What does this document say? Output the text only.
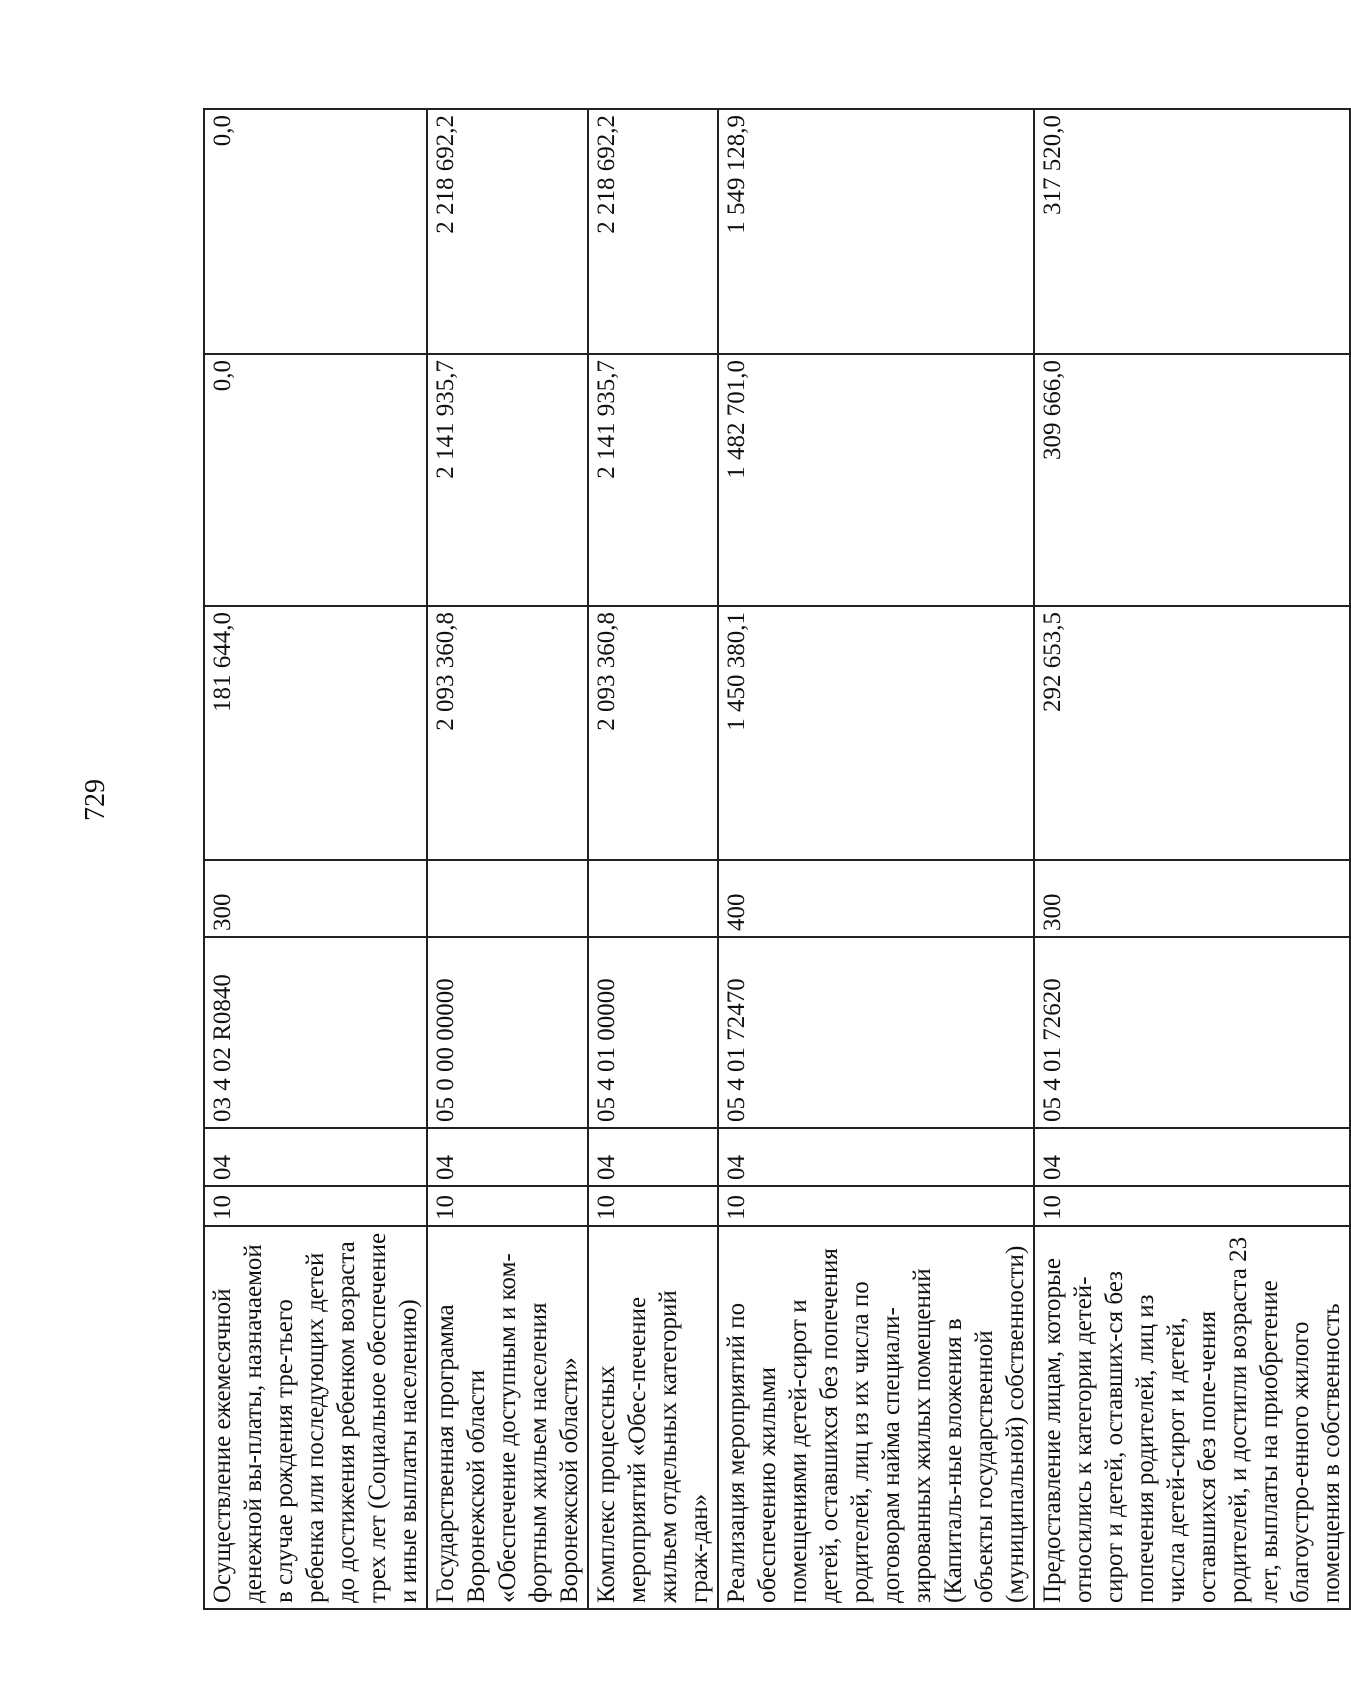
729
Осуществление ежемесячной денежной вы-платы, назначаемой в случае рождения тре-тьего ребенка или последующих детей до достижения ребенком возраста трех лет (Социальное обеспечение и иные выплаты населению)	10	04	03 4 02 R0840	300	181 644,0	0,0	0,0
Государственная программа Воронежской области «Обеспечение доступным и ком-фортным жильем населения Воронежской области»	10	04	05 0 00 00000		2 093 360,8	2 141 935,7	2 218 692,2
Комплекс процессных мероприятий «Обес-печение жильем отдельных категорий граж-дан»	10	04	05 4 01 00000		2 093 360,8	2 141 935,7	2 218 692,2
Реализация мероприятий по обеспечению жилыми помещениями детей-сирот и детей, оставшихся без попечения родителей, лиц из их числа по договорам найма специали-зированных жилых помещений (Капиталь-ные вложения в объекты государственной (муниципальной) собственности)	10	04	05 4 01 72470	400	1 450 380,1	1 482 701,0	1 549 128,9
Предоставление лицам, которые относились к категории детей-сирот и детей, оставших-ся без попечения родителей, лиц из числа детей-сирот и детей, оставшихся без попе-чения родителей, и достигли возраста 23 лет, выплаты на приобретение благоустро-енного жилого помещения в собственность	10	04	05 4 01 72620	300	292 653,5	309 666,0	317 520,0
